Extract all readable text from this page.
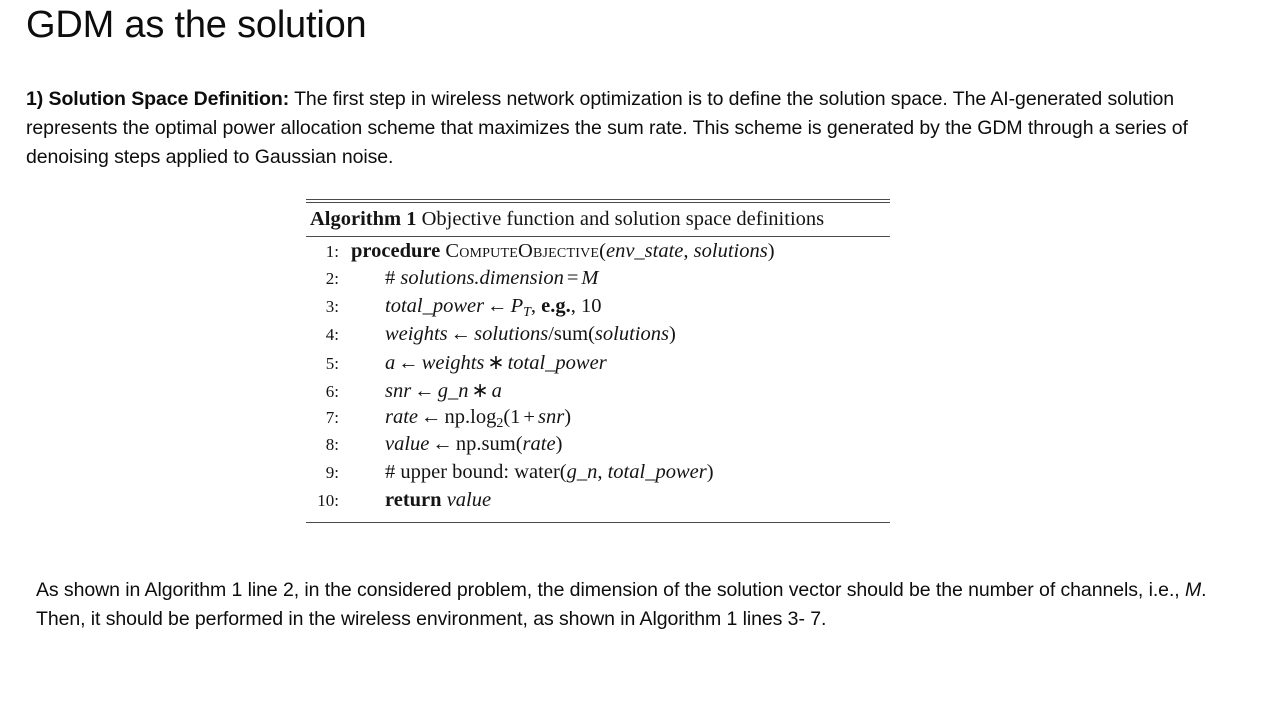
GDM as the solution

1) Solution Space Definition: The first step in wireless network optimization is to define the solution space. The AI-generated solution represents the optimal power allocation scheme that maximizes the sum rate. This scheme is generated by the GDM through a series of denoising steps applied to Gaussian noise.

Algorithm 1 Objective function and solution space definitions
1: procedure ComputeObjective(env_state, solutions)
2:	# solutions.dimension = M
3:	total_power ← $P_T$, e.g., 10
4:	weights ← solutions/sum(solutions)
5:	a ← weights ∗ total_power
6:	snr ← g_n ∗ a
7:	rate ← $np.\log_2(1 + snr)$
8:	value ← np.sum(rate)
9:	# upper bound: water(g_n, total_power)
10:	return value

As shown in Algorithm 1 line 2, in the considered problem, the dimension of the solution vector should be the number of channels, i.e., M. Then, it should be performed in the wireless environment, as shown in Algorithm 1 lines 3- 7.
